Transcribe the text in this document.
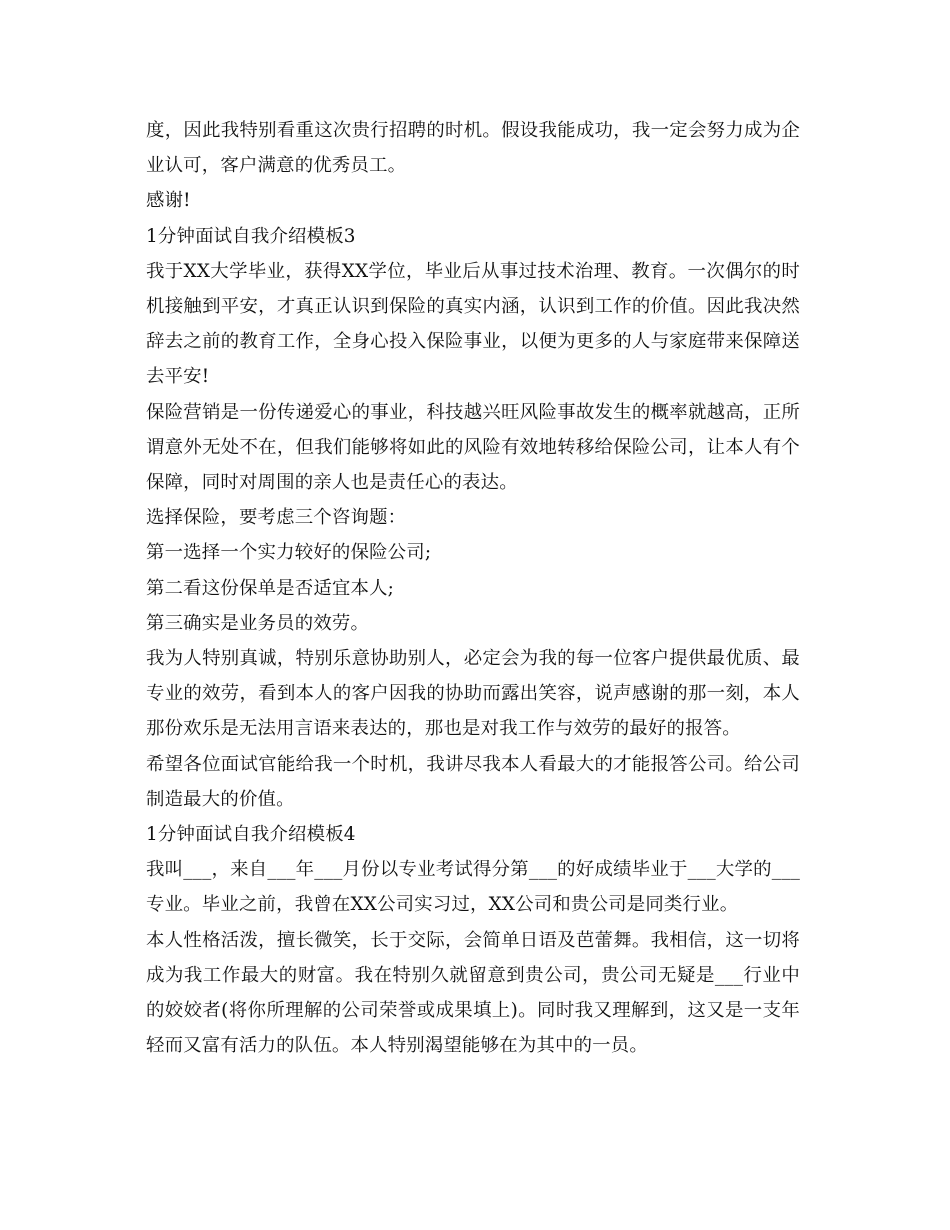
度，因此我特别看重这次贵行招聘的时机。假设我能成功，我一定会努力成为企业认可，客户满意的优秀员工。

感谢!

1分钟面试自我介绍模板3

我于XX大学毕业，获得XX学位，毕业后从事过技术治理、教育。一次偶尔的时机接触到平安，才真正认识到保险的真实内涵，认识到工作的价值。因此我决然辞去之前的教育工作，全身心投入保险事业，以便为更多的人与家庭带来保障送去平安!

保险营销是一份传递爱心的事业，科技越兴旺风险事故发生的概率就越高，正所谓意外无处不在，但我们能够将如此的风险有效地转移给保险公司，让本人有个保障，同时对周围的亲人也是责任心的表达。

选择保险，要考虑三个咨询题：

第一选择一个实力较好的保险公司;

第二看这份保单是否适宜本人;

第三确实是业务员的效劳。

我为人特别真诚，特别乐意协助别人，必定会为我的每一位客户提供最优质、最专业的效劳，看到本人的客户因我的协助而露出笑容，说声感谢的那一刻，本人那份欢乐是无法用言语来表达的，那也是对我工作与效劳的最好的报答。

希望各位面试官能给我一个时机，我讲尽我本人看最大的才能报答公司。给公司制造最大的价值。

1分钟面试自我介绍模板4

我叫___，来自___年___月份以专业考试得分第___的好成绩毕业于___大学的___专业。毕业之前，我曾在XX公司实习过，XX公司和贵公司是同类行业。

本人性格活泼，擅长微笑，长于交际，会简单日语及芭蕾舞。我相信，这一切将成为我工作最大的财富。我在特别久就留意到贵公司，贵公司无疑是___行业中的姣姣者(将你所理解的公司荣誉或成果填上)。同时我又理解到，这又是一支年轻而又富有活力的队伍。本人特别渴望能够在为其中的一员。
